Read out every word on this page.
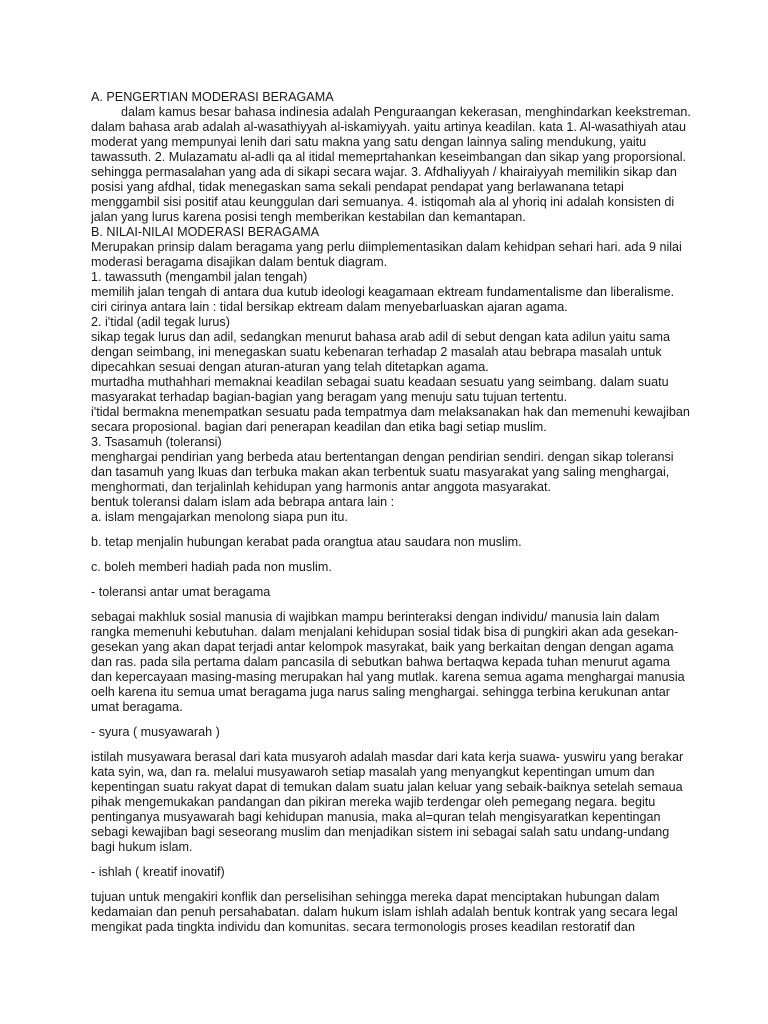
A. PENGERTIAN MODERASI BERAGAMA

dalam kamus besar bahasa indinesia adalah Penguraangan kekerasan, menghindarkan keekstreman. dalam bahasa arab adalah al-wasathiyyah al-iskamiyyah. yaitu artinya keadilan. kata 1. Al-wasathiyah atau moderat yang mempunyai lenih dari satu makna yang satu dengan lainnya saling mendukung, yaitu tawassuth. 2. Mulazamatu al-adli qa al itidal memeprtahankan keseimbangan dan sikap yang proporsional. sehingga permasalahan yang ada di sikapi secara wajar. 3. Afdhaliyyah / khairaiyyah memilikin sikap dan posisi yang afdhal, tidak menegaskan sama sekali pendapat pendapat yang berlawanana tetapi menggambil sisi positif atau keunggulan dari semuanya. 4. istiqomah ala al yhoriq ini adalah konsisten di jalan yang lurus karena posisi tengh memberikan kestabilan dan kemantapan.

B. NILAI-NILAI MODERASI BERAGAMA

Merupakan prinsip dalam beragama yang perlu diimplementasikan dalam kehidpan sehari hari. ada 9 nilai moderasi beragama disajikan dalam bentuk diagram.

1. tawassuth (mengambil jalan tengah)

memilih jalan tengah di antara dua kutub ideologi keagamaan ektream fundamentalisme dan liberalisme.

ciri cirinya antara lain : tidal bersikap ektream dalam menyebarluaskan ajaran agama.

2. i'tidal (adil tegak lurus)

sikap tegak lurus dan adil, sedangkan menurut bahasa arab adil di sebut dengan kata adilun yaitu sama dengan seimbang, ini menegaskan suatu kebenaran terhadap 2 masalah atau bebrapa masalah untuk dipecahkan sesuai dengan aturan-aturan yang telah ditetapkan agama.

murtadha muthahhari memaknai keadilan sebagai suatu keadaan sesuatu yang seimbang. dalam suatu masyarakat terhadap bagian-bagian yang beragam yang menuju satu tujuan tertentu.

i'tidal bermakna menempatkan sesuatu pada tempatmya dam melaksanakan hak dan memenuhi kewajiban secara proposional. bagian dari penerapan keadilan dan etika bagi setiap muslim.

3. Tsasamuh (toleransi)

menghargai pendirian yang berbeda atau bertentangan dengan pendirian sendiri. dengan sikap toleransi dan tasamuh yang lkuas dan terbuka makan akan terbentuk suatu masyarakat yang saling menghargai, menghormati, dan terjalinlah kehidupan yang harmonis antar anggota masyarakat.

bentuk toleransi dalam islam ada bebrapa antara lain :

a. islam mengajarkan menolong siapa pun itu.

b. tetap menjalin hubungan kerabat pada orangtua atau saudara non muslim.

c. boleh memberi hadiah pada non muslim.

- toleransi antar umat beragama

sebagai makhluk sosial manusia di wajibkan mampu berinteraksi dengan individu/ manusia lain dalam rangka memenuhi kebutuhan. dalam menjalani kehidupan sosial tidak bisa di pungkiri akan ada gesekan-gesekan yang akan dapat terjadi antar kelompok masyrakat, baik yang berkaitan dengan dengan agama dan ras. pada sila pertama dalam pancasila di sebutkan bahwa bertaqwa kepada tuhan menurut agama dan kepercayaan masing-masing merupakan hal yang mutlak. karena semua agama menghargai manusia oelh karena itu semua umat beragama juga narus saling menghargai. sehingga terbina kerukunan antar umat beragama.

- syura ( musyawarah )

istilah musyawara berasal dari kata musyaroh adalah masdar dari kata kerja suawa- yuswiru yang berakar kata syin, wa, dan ra. melalui musyawaroh setiap masalah yang menyangkut kepentingan umum dan kepentingan suatu rakyat dapat di temukan dalam suatu jalan keluar yang sebaik-baiknya setelah semaua pihak mengemukakan pandangan dan pikiran mereka wajib terdengar oleh pemegang negara. begitu pentinganya musyawarah bagi kehidupan manusia, maka al=quran telah mengisyaratkan kepentingan sebagi kewajiban bagi seseorang muslim dan menjadikan sistem ini sebagai salah satu undang-undang bagi hukum islam.

- ishlah ( kreatif inovatif)

tujuan untuk mengakiri konflik dan perselisihan sehingga mereka dapat menciptakan hubungan dalam kedamaian dan penuh persahabatan. dalam hukum islam ishlah adalah bentuk kontrak yang secara legal mengikat pada tingkta individu dan komunitas. secara termonologis proses keadilan restoratif dan
